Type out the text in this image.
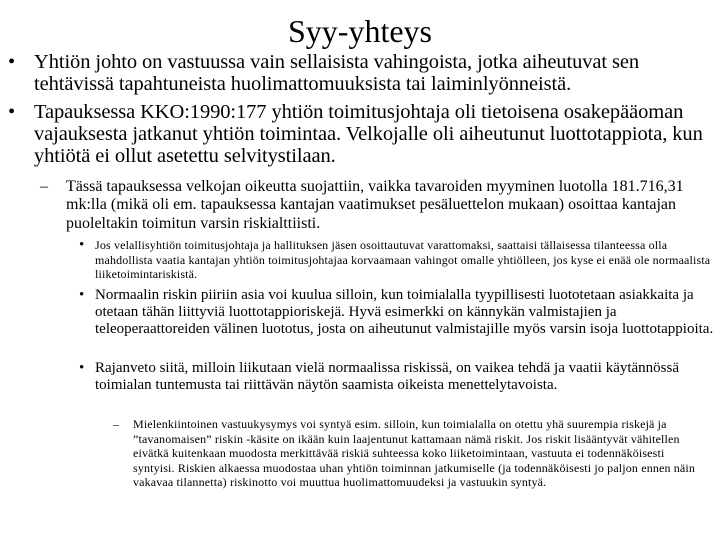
Syy-yhteys
• Yhtiön johto on vastuussa vain sellaisista vahingoista, jotka aiheutuvat sen tehtävissä tapahtuneista huolimattomuuksista tai laiminlyönneistä.
• Tapauksessa KKO:1990:177 yhtiön toimitusjohtaja oli tietoisena osakepääoman vajauksesta jatkanut yhtiön toimintaa. Velkojalle oli aiheutunut luottotappiota, kun yhtiötä ei ollut asetettu selvitystilaan.
– Tässä tapauksessa velkojan oikeutta suojattiin, vaikka tavaroiden myyminen luotolla 181.716,31 mk:lla (mikä oli em. tapauksessa kantajan vaatimukset pesäluettelon mukaan) osoittaa kantajan puoleltakin toimitun varsin riskialttiisti.
• Jos velallisyhtiön toimitusjohtaja ja hallituksen jäsen osoittautuvat varattomaksi, saattaisi tällaisessa tilanteessa olla mahdollista vaatia kantajan yhtiön toimitusjohtajaa korvaamaan vahingot omalle yhtiölleen, jos kyse ei enää ole normaalista liiketoimintariskistä.
• Normaalin riskin piiriin asia voi kuulua silloin, kun toimialalla tyypillisesti luototetaan asiakkaita ja otetaan tähän liittyviä luottotappioriskejä. Hyvä esimerkki on kännykän valmistajien ja teleoperaattoreiden välinen luototus, josta on aiheutunut valmistajille myös varsin isoja luottotappioita.
• Rajanveto siitä, milloin liikutaan vielä normaalissa riskissä, on vaikea tehdä ja vaatii käytännössä toimialan tuntemusta tai riittävän näytön saamista oikeista menettelytavoista.
– Mielenkiintoinen vastuukysymys voi syntyä esim. silloin, kun toimialalla on otettu yhä suurempia riskejä ja ”tavanomaisen” riskin -käsite on ikään kuin laajentunut kattamaan nämä riskit. Jos riskit lisääntyvät vähitellen eivätkä kuitenkaan muodosta merkittävää riskiä suhteessa koko liiketoimintaan, vastuuta ei todennäköisesti syntyisi. Riskien alkaessa muodostaa uhan yhtiön toiminnan jatkumiselle (ja todennäköisesti jo paljon ennen näin vakavaa tilannetta) riskinotto voi muuttua huolimattomuudeksi ja vastuukin syntyä.
